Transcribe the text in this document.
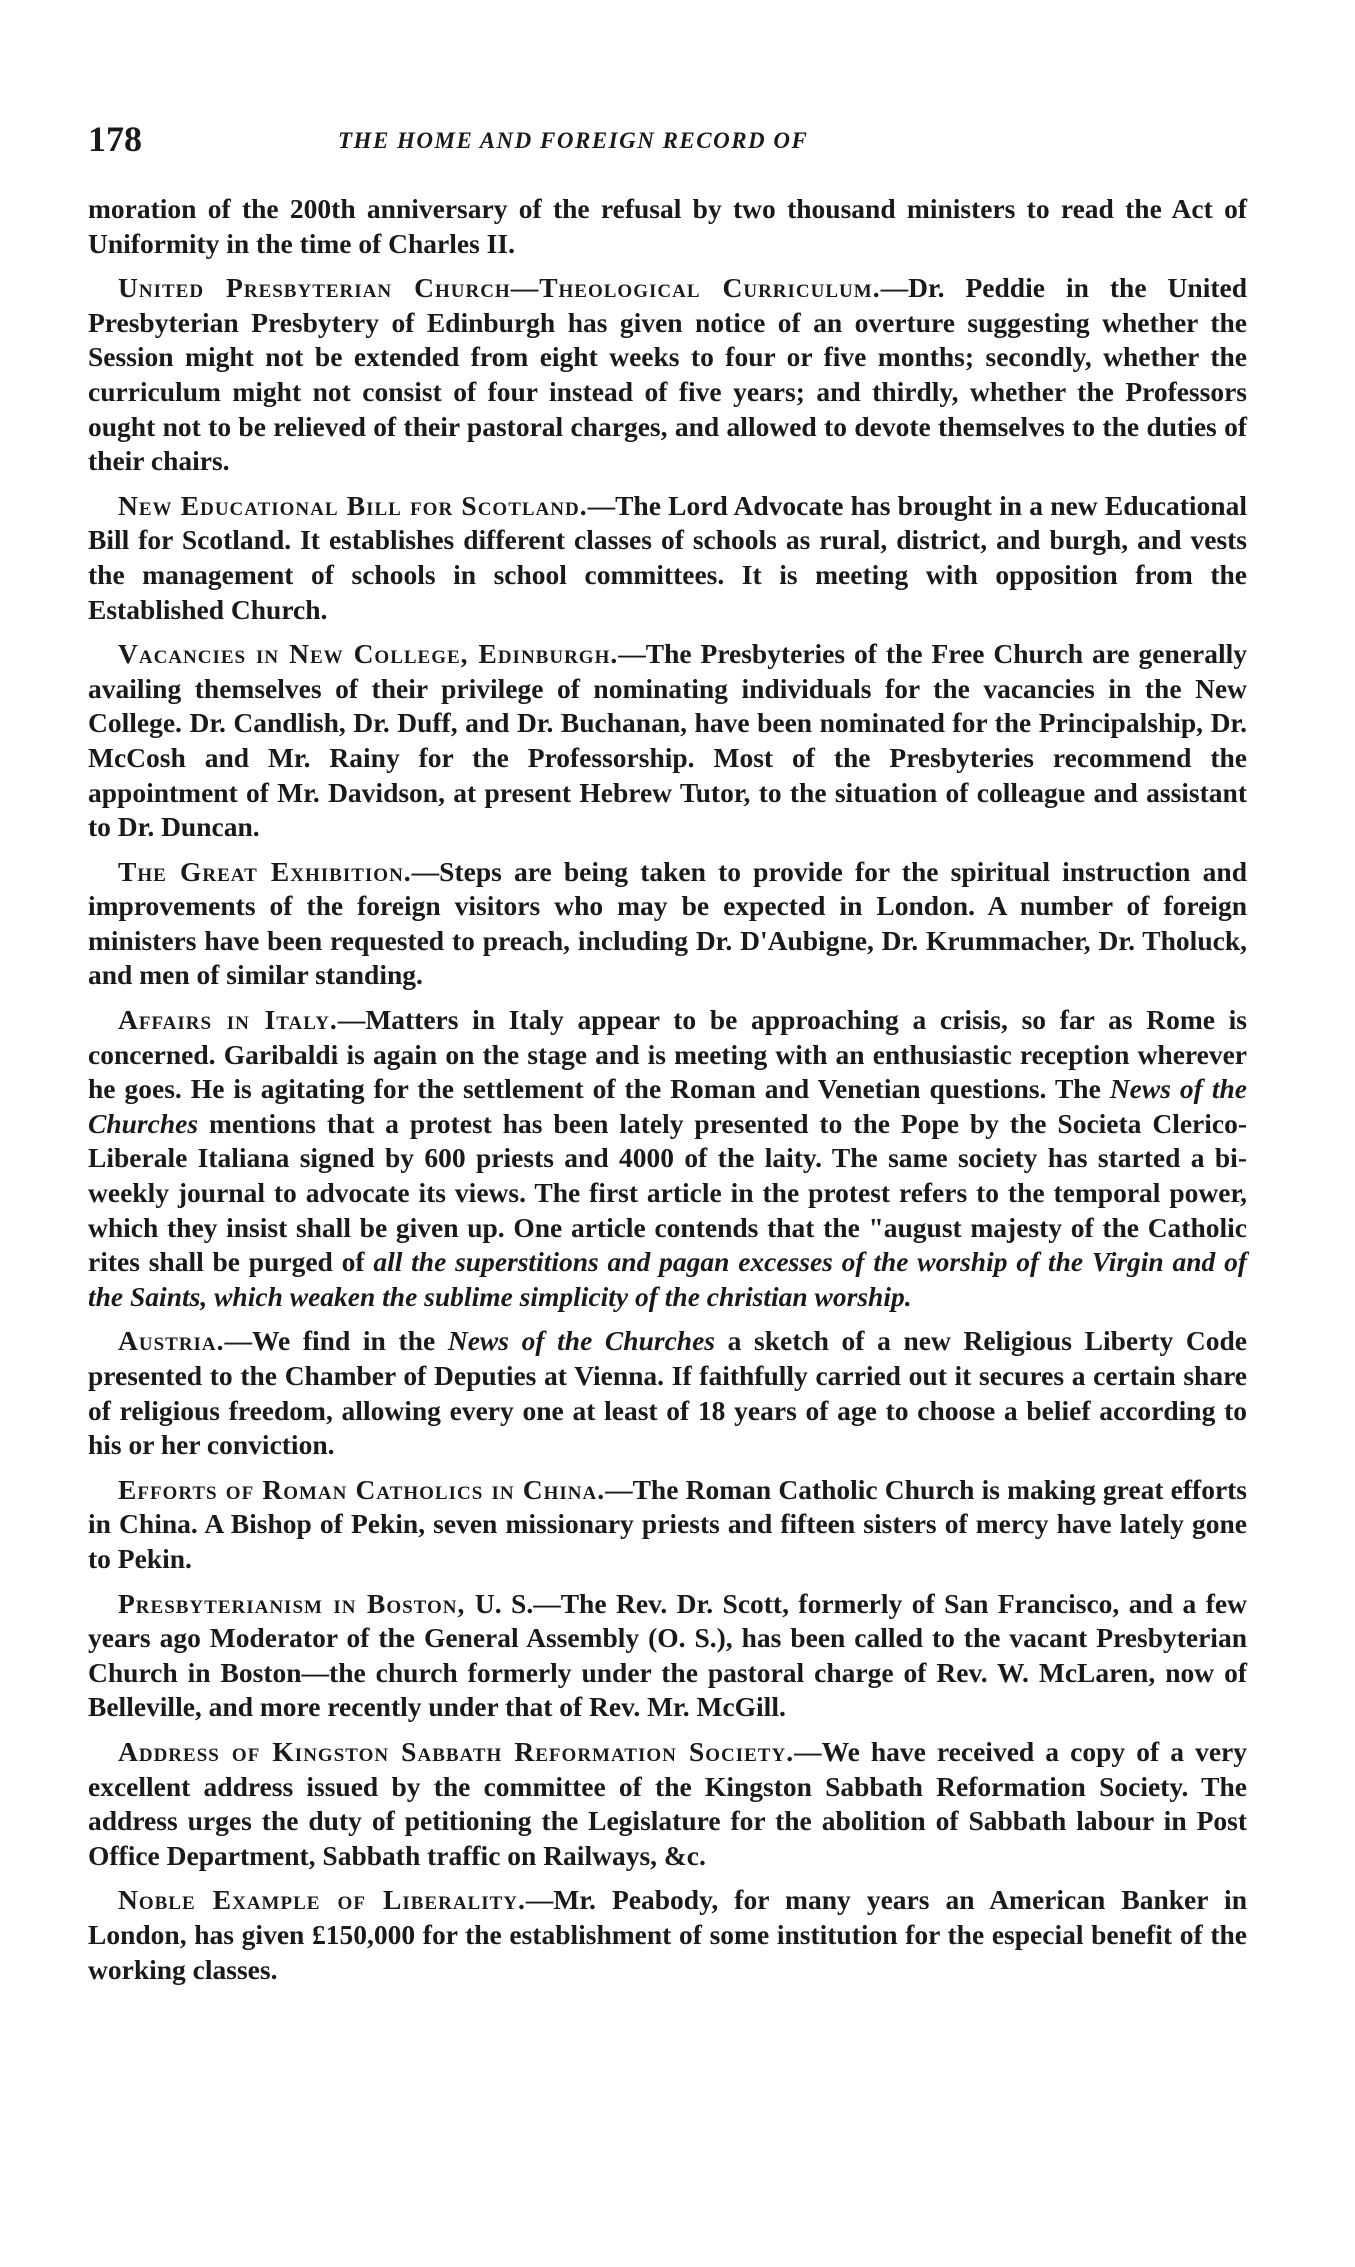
178	THE HOME AND FOREIGN RECORD OF

moration of the 200th anniversary of the refusal by two thousand ministers to read the Act of Uniformity in the time of Charles II.

United Presbyterian Church—Theological Curriculum.—Dr. Peddie in the United Presbyterian Presbytery of Edinburgh has given notice of an overture suggesting whether the Session might not be extended from eight weeks to four or five months; secondly, whether the curriculum might not consist of four instead of five years; and thirdly, whether the Professors ought not to be relieved of their pastoral charges, and allowed to devote themselves to the duties of their chairs.

New Educational Bill for Scotland.—The Lord Advocate has brought in a new Educational Bill for Scotland. It establishes different classes of schools as rural, district, and burgh, and vests the management of schools in school committees. It is meeting with opposition from the Established Church.

Vacancies in New College, Edinburgh.—The Presbyteries of the Free Church are generally availing themselves of their privilege of nominating individuals for the vacancies in the New College. Dr. Candlish, Dr. Duff, and Dr. Buchanan, have been nominated for the Principalship, Dr. McCosh and Mr. Rainy for the Professorship. Most of the Presbyteries recommend the appointment of Mr. Davidson, at present Hebrew Tutor, to the situation of colleague and assistant to Dr. Duncan.

The Great Exhibition.—Steps are being taken to provide for the spiritual instruction and improvements of the foreign visitors who may be expected in London. A number of foreign ministers have been requested to preach, including Dr. D'Aubigne, Dr. Krummacher, Dr. Tholuck, and men of similar standing.

Affairs in Italy.—Matters in Italy appear to be approaching a crisis, so far as Rome is concerned. Garibaldi is again on the stage and is meeting with an enthusiastic reception wherever he goes. He is agitating for the settlement of the Roman and Venetian questions. The News of the Churches mentions that a protest has been lately presented to the Pope by the Societa Clerico-Liberale Italiana signed by 600 priests and 4000 of the laity. The same society has started a bi-weekly journal to advocate its views. The first article in the protest refers to the temporal power, which they insist shall be given up. One article contends that the "august majesty of the Catholic rites shall be purged of all the superstitions and pagan excesses of the worship of the Virgin and of the Saints, which weaken the sublime simplicity of the christian worship.

Austria.—We find in the News of the Churches a sketch of a new Religious Liberty Code presented to the Chamber of Deputies at Vienna. If faithfully carried out it secures a certain share of religious freedom, allowing every one at least of 18 years of age to choose a belief according to his or her conviction.

Efforts of Roman Catholics in China.—The Roman Catholic Church is making great efforts in China. A Bishop of Pekin, seven missionary priests and fifteen sisters of mercy have lately gone to Pekin.

Presbyterianism in Boston, U. S.—The Rev. Dr. Scott, formerly of San Francisco, and a few years ago Moderator of the General Assembly (O. S.), has been called to the vacant Presbyterian Church in Boston—the church formerly under the pastoral charge of Rev. W. McLaren, now of Belleville, and more recently under that of Rev. Mr. McGill.

Address of Kingston Sabbath Reformation Society.—We have received a copy of a very excellent address issued by the committee of the Kingston Sabbath Reformation Society. The address urges the duty of petitioning the Legislature for the abolition of Sabbath labour in Post Office Department, Sabbath traffic on Railways, &c.

Noble Example of Liberality.—Mr. Peabody, for many years an American Banker in London, has given £150,000 for the establishment of some institution for the especial benefit of the working classes.
